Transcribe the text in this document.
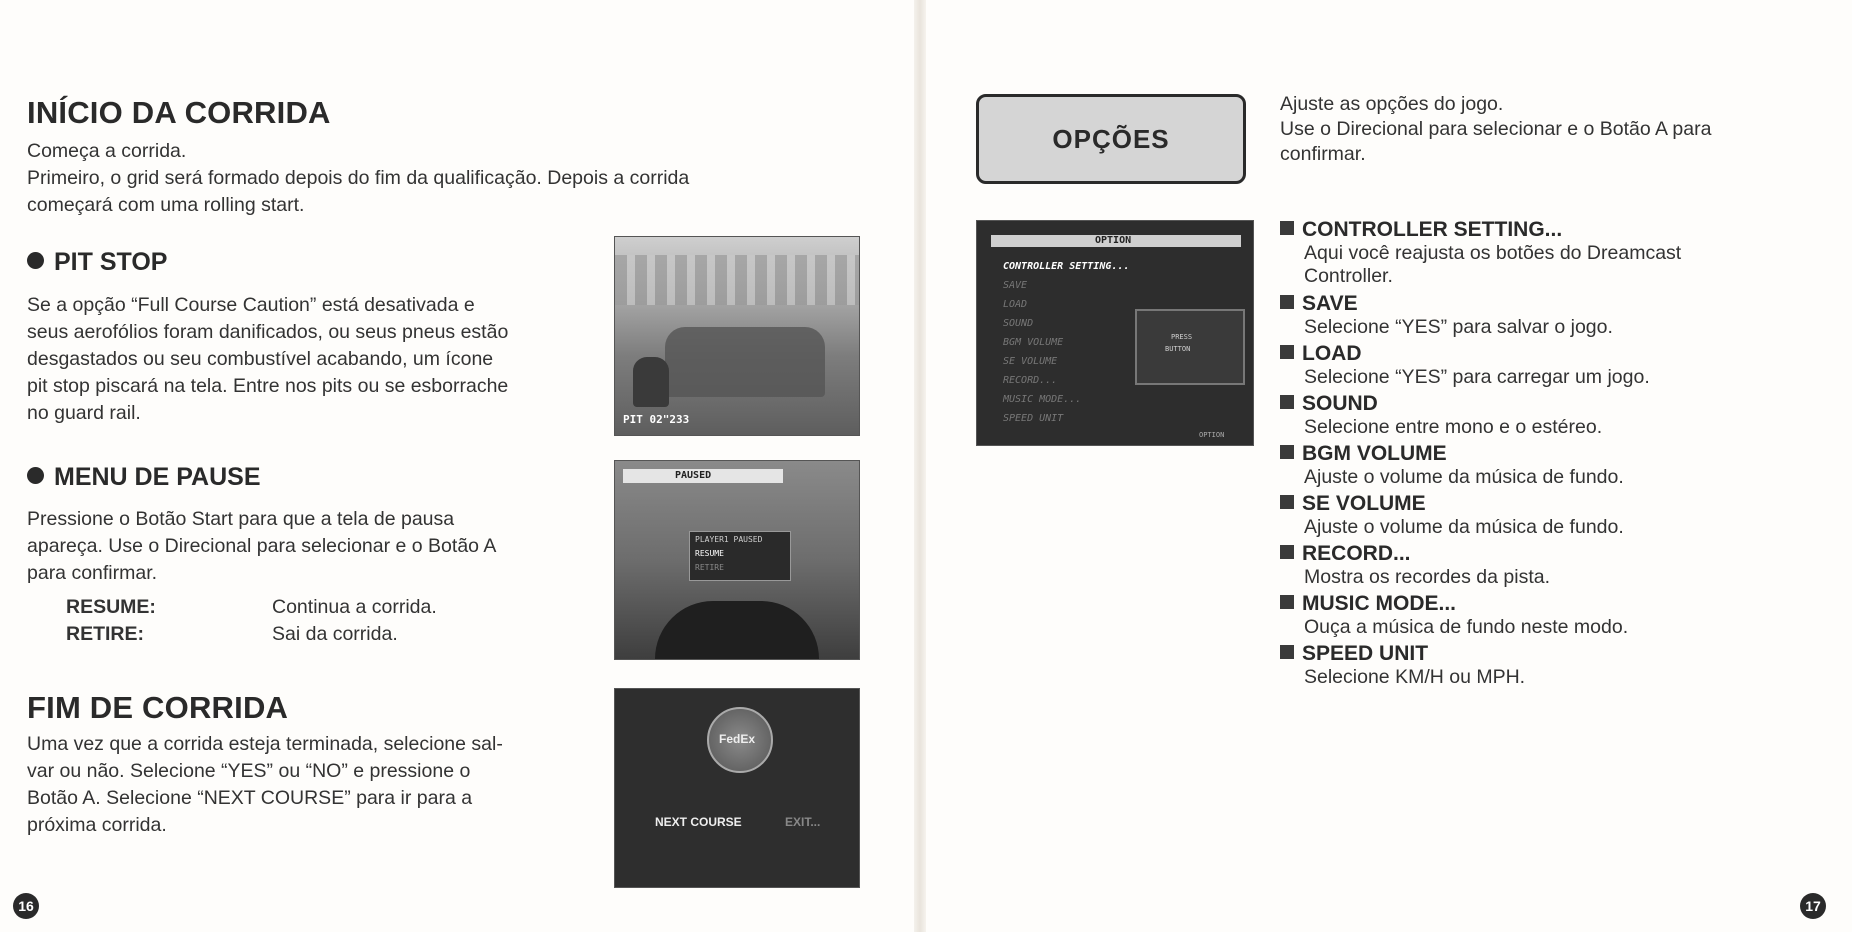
INÍCIO DA CORRIDA

Começa a corrida.

Primeiro, o grid será formado depois do fim da qualificação. Depois a corrida

começará com uma rolling start.

PIT STOP

Se a opção “Full Course Caution” está desativada e

seus aerofólios foram danificados, ou seus pneus estão

desgastados ou seu combustível acabando, um ícone

pit stop piscará na tela. Entre nos pits ou se esborrache

no guard rail.	PIT 02"233
MENU DE PAUSE

Pressione o Botão Start para que a tela de pausa

apareça. Use o Direcional para selecionar e o Botão A

para confirmar.

RESUME:	Continua a corrida.
RETIRE:	Sai da corrida.
PAUSED
PLAYER1 PAUSED
RESUME
RETIRE
FIM DE CORRIDA

Uma vez que a corrida esteja terminada, selecione sal-

var ou não. Selecione “YES” ou “NO” e pressione o

Botão A. Selecione “NEXT COURSE” para ir para a

próxima corrida.

FedEx
NEXT COURSE	EXIT...
16
OPÇÕES

Ajuste as opções do jogo.

Use o Direcional para selecionar e o Botão A para

confirmar.

OPTION
CONTROLLER SETTING...
SAVE
LOAD
SOUND
BGM VOLUME
SE VOLUME
RECORD...
MUSIC MODE...
SPEED UNIT
PRESS
BUTTON
OPTION
CONTROLLER SETTING...
Aqui você reajusta os botões do Dreamcast
Controller.
SAVE
Selecione “YES” para salvar o jogo.
LOAD
Selecione “YES” para carregar um jogo.
SOUND
Selecione entre mono e o estéreo.
BGM VOLUME
Ajuste o volume da música de fundo.
SE VOLUME
Ajuste o volume da música de fundo.
RECORD...
Mostra os recordes da pista.
MUSIC MODE...
Ouça a música de fundo neste modo.
SPEED UNIT
Selecione KM/H ou MPH.
17
